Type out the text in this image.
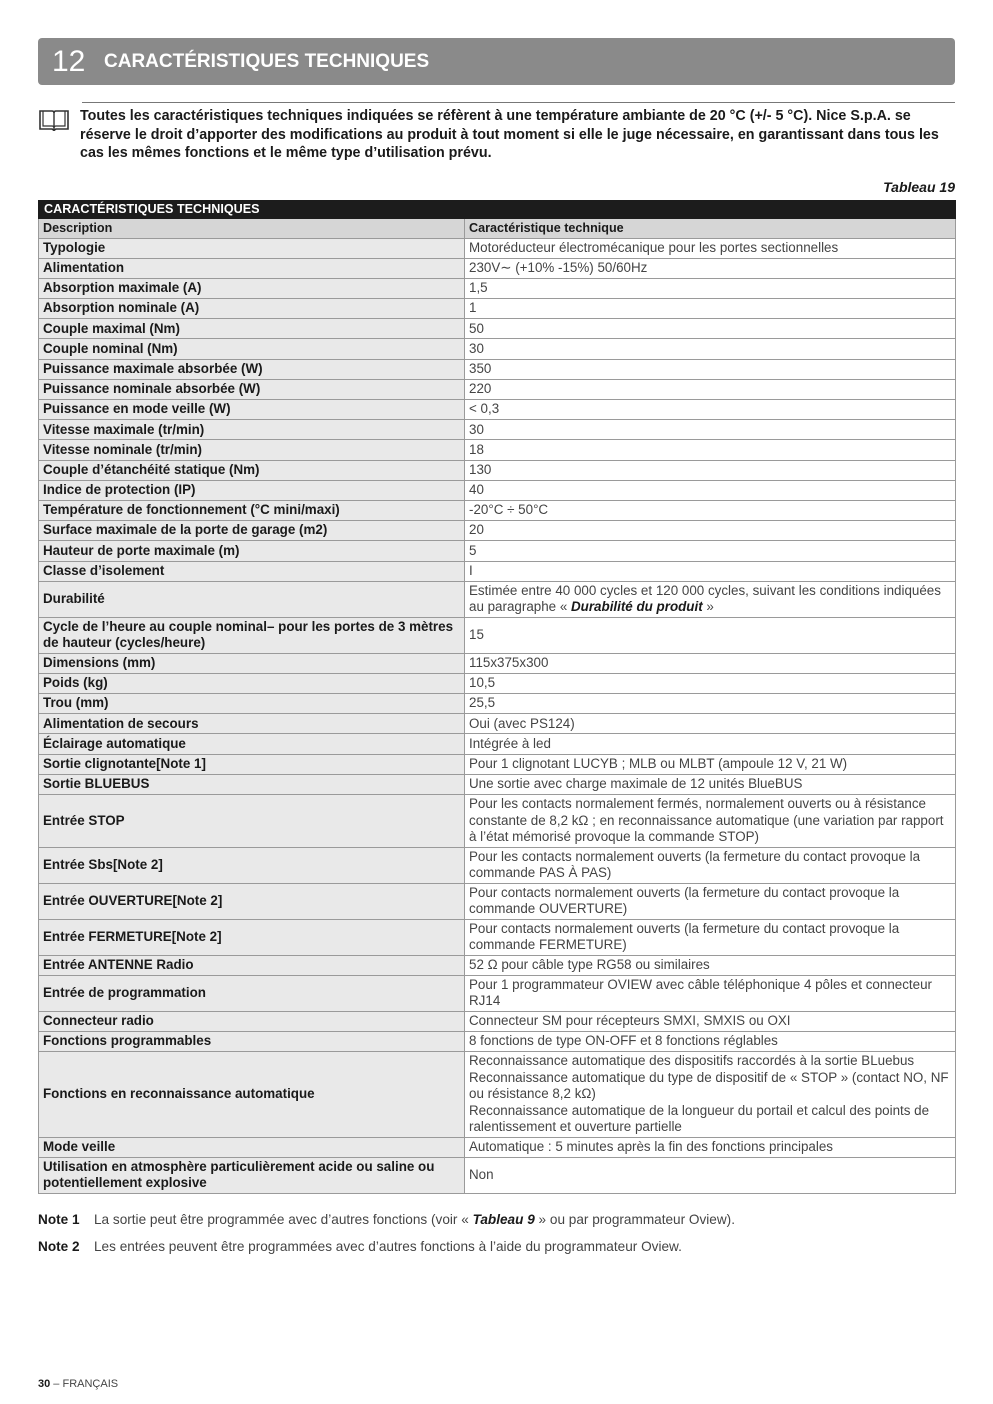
12 CARACTÉRISTIQUES TECHNIQUES
Toutes les caractéristiques techniques indiquées se réfèrent à une température ambiante de 20 °C (+/- 5 °C). Nice S.p.A. se réserve le droit d’apporter des modifications au produit à tout moment si elle le juge nécessaire, en garantissant dans tous les cas les mêmes fonctions et le même type d’utilisation prévu.
Tableau 19
CARACTÉRISTIQUES TECHNIQUES	
Description	Caractéristique technique
Typologie	Motoréducteur électromécanique pour les portes sectionnelles
Alimentation	230V∼ (+10% -15%) 50/60Hz
Absorption maximale (A)	1,5
Absorption nominale (A)	1
Couple maximal (Nm)	50
Couple nominal (Nm)	30
Puissance maximale absorbée (W)	350
Puissance nominale absorbée (W)	220
Puissance en mode veille (W)	< 0,3
Vitesse maximale (tr/min)	30
Vitesse nominale (tr/min)	18
Couple d’étanchéité statique (Nm)	130
Indice de protection (IP)	40
Température de fonctionnement (°C mini/maxi)	-20°C ÷ 50°C
Surface maximale de la porte de garage (m2)	20
Hauteur de porte maximale (m)	5
Classe d’isolement	I
Durabilité	Estimée entre 40 000 cycles et 120 000 cycles, suivant les conditions indiquées au paragraphe « Durabilité du produit »
Cycle de l’heure au couple nominal– pour les portes de 3 mètres de hauteur (cycles/heure)	15
Dimensions (mm)	115x375x300
Poids (kg)	10,5
Trou (mm)	25,5
Alimentation de secours	Oui (avec PS124)
Éclairage automatique	Intégrée à led
Sortie clignotante[Note 1]	Pour 1 clignotant LUCYB ; MLB ou MLBT (ampoule 12 V, 21 W)
Sortie BLUEBUS	Une sortie avec charge maximale de 12 unités BlueBUS
Entrée STOP	Pour les contacts normalement fermés, normalement ouverts ou à résistance constante de 8,2 kΩ ; en reconnaissance automatique (une variation par rapport à l’état mémorisé provoque la commande STOP)
Entrée Sbs[Note 2]	Pour les contacts normalement ouverts (la fermeture du contact provoque la commande PAS À PAS)
Entrée OUVERTURE[Note 2]	Pour contacts normalement ouverts (la fermeture du contact provoque la commande OUVERTURE)
Entrée FERMETURE[Note 2]	Pour contacts normalement ouverts (la fermeture du contact provoque la commande FERMETURE)
Entrée ANTENNE Radio	52 Ω pour câble type RG58 ou similaires
Entrée de programmation	Pour 1 programmateur OVIEW avec câble téléphonique 4 pôles et connecteur RJ14
Connecteur radio	Connecteur SM pour récepteurs SMXI, SMXIS ou OXI
Fonctions programmables	8 fonctions de type ON-OFF et 8 fonctions réglables
Fonctions en reconnaissance automatique	Reconnaissance automatique des dispositifs raccordés à la sortie BLuebus
Reconnaissance automatique du type de dispositif de « STOP » (contact NO, NF ou résistance 8,2 kΩ)
Reconnaissance automatique de la longueur du portail et calcul des points de ralentissement et ouverture partielle

Mode veille	Automatique : 5 minutes après la fin des fonctions principales
Utilisation en atmosphère particulièrement acide ou saline ou potentiellement explosive	Non
Note 1	La sortie peut être programmée avec d’autres fonctions (voir « Tableau 9 » ou par programmateur Oview).
Note 2	Les entrées peuvent être programmées avec d’autres fonctions à l’aide du programmateur Oview.
30 – FRANÇAIS
